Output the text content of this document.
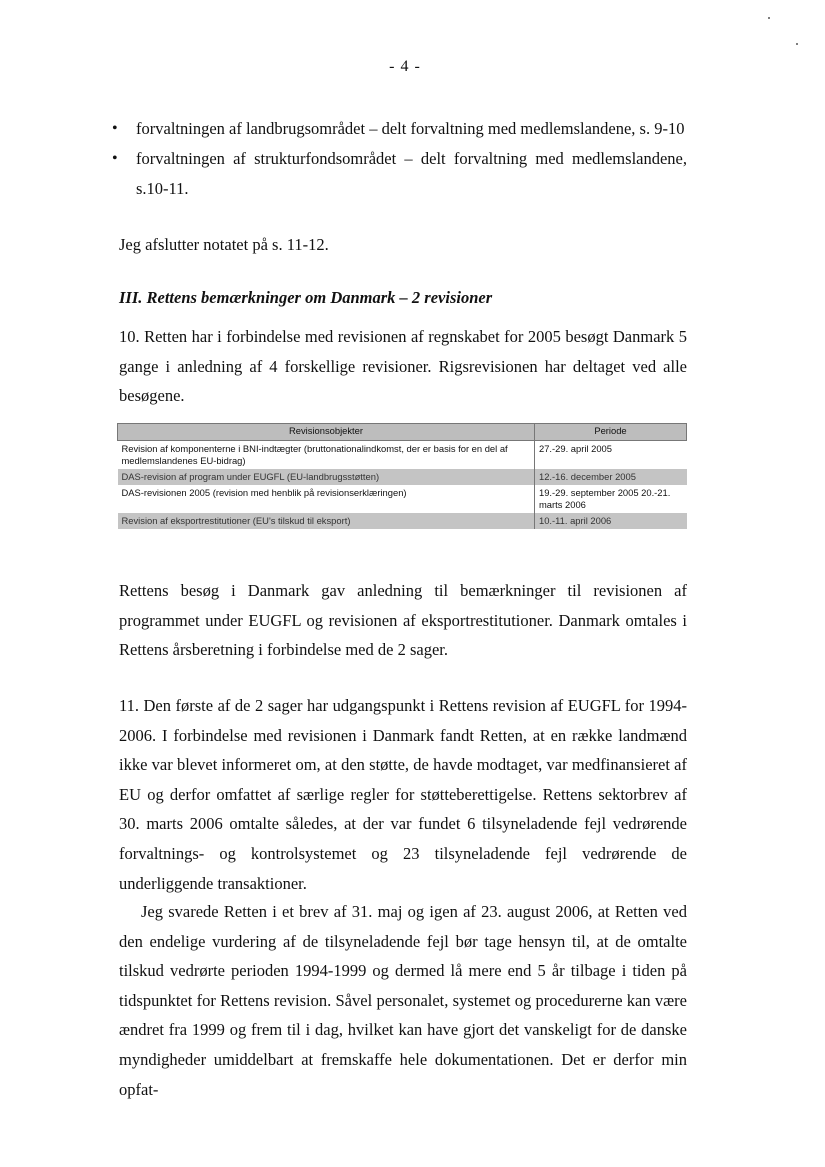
- 4 -
• forvaltningen af landbrugsområdet – delt forvaltning med medlemslandene, s. 9-10
• forvaltningen af strukturfondsområdet – delt forvaltning med medlemslandene, s.10-11.

Jeg afslutter notatet på s. 11-12.

III. Rettens bemærkninger om Danmark – 2 revisioner

10. Retten har i forbindelse med revisionen af regnskabet for 2005 besøgt Danmark 5 gange i anledning af 4 forskellige revisioner. Rigsrevisionen har deltaget ved alle besøgene.

Revisionsobjekter	Periode
Revision af komponenterne i BNI-indtægter (bruttonationalindkomst, der er basis for en del af medlemslandenes EU-bidrag)	27.-29. april 2005
DAS-revision af program under EUGFL (EU-landbrugsstøtten)	12.-16. december 2005
DAS-revisionen 2005 (revision med henblik på revisionserklæringen)	19.-29. september 2005 20.-21. marts 2006
Revision af eksportrestitutioner (EU's tilskud til eksport)	10.-11. april 2006

Rettens besøg i Danmark gav anledning til bemærkninger til revisionen af programmet under EUGFL og revisionen af eksportrestitutioner. Danmark omtales i Rettens årsberetning i forbindelse med de 2 sager.

11. Den første af de 2 sager har udgangspunkt i Rettens revision af EUGFL for 1994-2006. I forbindelse med revisionen i Danmark fandt Retten, at en række landmænd ikke var blevet informeret om, at den støtte, de havde modtaget, var medfinansieret af EU og derfor omfattet af særlige regler for støtteberettigelse. Rettens sektorbrev af 30. marts 2006 omtalte således, at der var fundet 6 tilsyneladende fejl vedrørende forvaltnings- og kontrolsystemet og 23 tilsyneladende fejl vedrørende de underliggende transaktioner.

Jeg svarede Retten i et brev af 31. maj og igen af 23. august 2006, at Retten ved den endelige vurdering af de tilsyneladende fejl bør tage hensyn til, at de omtalte tilskud vedrørte perioden 1994-1999 og dermed lå mere end 5 år tilbage i tiden på tidspunktet for Rettens revision. Såvel personalet, systemet og procedurerne kan være ændret fra 1999 og frem til i dag, hvilket kan have gjort det vanskeligt for de danske myndigheder umiddelbart at fremskaffe hele dokumentationen. Det er derfor min opfat-
